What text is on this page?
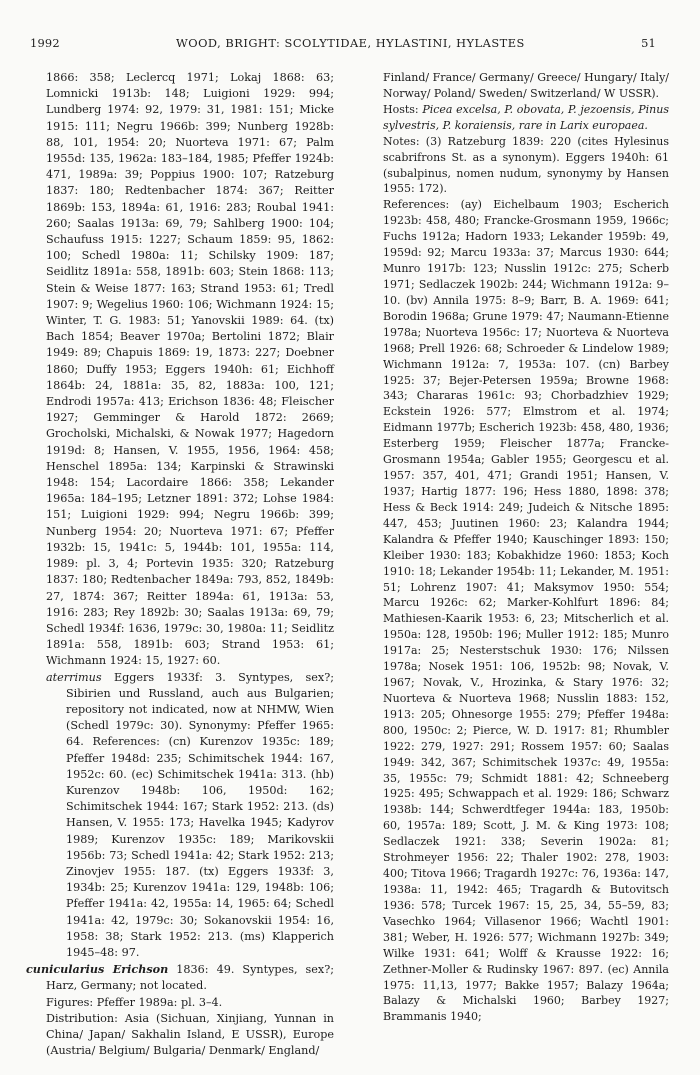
1992	WOOD, BRIGHT: SCOLYTIDAE, HYLASTINI, HYLASTES	51

1866: 358; Leclercq 1971; Lokaj 1868: 63; Lomnicki 1913b: 148; Luigioni 1929: 994; Lundberg 1974: 92, 1979: 31, 1981: 151; Micke 1915: 111; Negru 1966b: 399; Nunberg 1928b: 88, 101, 1954: 20; Nuorteva 1971: 67; Palm 1955d: 135, 1962a: 183–184, 1985; Pfeffer 1924b: 471, 1989a: 39; Poppius 1900: 107; Ratzeburg 1837: 180; Redtenbacher 1874: 367; Reitter 1869b: 153, 1894a: 61, 1916: 283; Roubal 1941: 260; Saalas 1913a: 69, 79; Sahlberg 1900: 104; Schaufuss 1915: 1227; Schaum 1859: 95, 1862: 100; Schedl 1980a: 11; Schilsky 1909: 187; Seidlitz 1891a: 558, 1891b: 603; Stein 1868: 113; Stein & Weise 1877: 163; Strand 1953: 61; Tredl 1907: 9; Wegelius 1960: 106; Wichmann 1924: 15; Winter, T. G. 1983: 51; Yanovskii 1989: 64. (tx) Bach 1854; Beaver 1970a; Bertolini 1872; Blair 1949: 89; Chapuis 1869: 19, 1873: 227; Doebner 1860; Duffy 1953; Eggers 1940h: 61; Eichhoff 1864b: 24, 1881a: 35, 82, 1883a: 100, 121; Endrodi 1957a: 413; Erichson 1836: 48; Fleischer 1927; Gemminger & Harold 1872: 2669; Grocholski, Michalski, & Nowak 1977; Hagedorn 1919d: 8; Hansen, V. 1955, 1956, 1964: 458; Henschel 1895a: 134; Karpinski & Strawinski 1948: 154; Lacordaire 1866: 358; Lekander 1965a: 184–195; Letzner 1891: 372; Lohse 1984: 151; Luigioni 1929: 994; Negru 1966b: 399; Nunberg 1954: 20; Nuorteva 1971: 67; Pfeffer 1932b: 15, 1941c: 5, 1944b: 101, 1955a: 114, 1989: pl. 3, 4; Portevin 1935: 320; Ratzeburg 1837: 180; Redtenbacher 1849a: 793, 852, 1849b: 27, 1874: 367; Reitter 1894a: 61, 1913a: 53, 1916: 283; Rey 1892b: 30; Saalas 1913a: 69, 79; Schedl 1934f: 1636, 1979c: 30, 1980a: 11; Seidlitz 1891a: 558, 1891b: 603; Strand 1953: 61; Wichmann 1924: 15, 1927: 60.

aterrimus Eggers 1933f: 3. Syntypes, sex?; Sibirien und Russland, auch aus Bulgarien; repository not indicated, now at NHMW, Wien (Schedl 1979c: 30). Synonymy: Pfeffer 1965: 64. References: (cn) Kurenzov 1935c: 189; Pfeffer 1948d: 235; Schimitschek 1944: 167, 1952c: 60. (ec) Schimitschek 1941a: 313. (hb) Kurenzov 1948b: 106, 1950d: 162; Schimitschek 1944: 167; Stark 1952: 213. (ds) Hansen, V. 1955: 173; Havelka 1945; Kadyrov 1989; Kurenzov 1935c: 189; Marikovskii 1956b: 73; Schedl 1941a: 42; Stark 1952: 213; Zinovjev 1955: 187. (tx) Eggers 1933f: 3, 1934b: 25; Kurenzov 1941a: 129, 1948b: 106; Pfeffer 1941a: 42, 1955a: 14, 1965: 64; Schedl 1941a: 42, 1979c: 30; Sokanovskii 1954: 16, 1958: 38; Stark 1952: 213. (ms) Klapperich 1945–48: 97.

cunicularius Erichson 1836: 49. Syntypes, sex?; Harz, Germany; not located.

Figures: Pfeffer 1989a: pl. 3–4.

Distribution: Asia (Sichuan, Xinjiang, Yunnan in China/ Japan/ Sakhalin Island, E USSR), Europe (Austria/ Belgium/ Bulgaria/ Denmark/ England/

Finland/ France/ Germany/ Greece/ Hungary/ Italy/ Norway/ Poland/ Sweden/ Switzerland/ W USSR).

Hosts: Picea excelsa, P. obovata, P. jezoensis, Pinus sylvestris, P. koraiensis, rare in Larix europaea.

Notes: (3) Ratzeburg 1839: 220 (cites Hylesinus scabrifrons St. as a synonym). Eggers 1940h: 61 (subalpinus, nomen nudum, synonymy by Hansen 1955: 172).

References: (ay) Eichelbaum 1903; Escherich 1923b: 458, 480; Francke-Grosmann 1959, 1966c; Fuchs 1912a; Hadorn 1933; Lekander 1959b: 49, 1959d: 92; Marcu 1933a: 37; Marcus 1930: 644; Munro 1917b: 123; Nusslin 1912c: 275; Scherb 1971; Sedlaczek 1902b: 244; Wichmann 1912a: 9–10. (bv) Annila 1975: 8–9; Barr, B. A. 1969: 641; Borodin 1968a; Grune 1979: 47; Naumann-Etienne 1978a; Nuorteva 1956c: 17; Nuorteva & Nuorteva 1968; Prell 1926: 68; Schroeder & Lindelow 1989; Wichmann 1912a: 7, 1953a: 107. (cn) Barbey 1925: 37; Bejer-Petersen 1959a; Browne 1968: 343; Chararas 1961c: 93; Chorbadzhiev 1929; Eckstein 1926: 577; Elmstrom et al. 1974; Eidmann 1977b; Escherich 1923b: 458, 480, 1936; Esterberg 1959; Fleischer 1877a; Francke-Grosmann 1954a; Gabler 1955; Georgescu et al. 1957: 357, 401, 471; Grandi 1951; Hansen, V. 1937; Hartig 1877: 196; Hess 1880, 1898: 378; Hess & Beck 1914: 249; Judeich & Nitsche 1895: 447, 453; Juutinen 1960: 23; Kalandra 1944; Kalandra & Pfeffer 1940; Kauschinger 1893: 150; Kleiber 1930: 183; Kobakhidze 1960: 1853; Koch 1910: 18; Lekander 1954b: 11; Lekander, M. 1951: 51; Lohrenz 1907: 41; Maksymov 1950: 554; Marcu 1926c: 62; Marker-Kohlfurt 1896: 84; Mathiesen-Kaarik 1953: 6, 23; Mitscherlich et al. 1950a: 128, 1950b: 196; Muller 1912: 185; Munro 1917a: 25; Nesterstschuk 1930: 176; Nilssen 1978a; Nosek 1951: 106, 1952b: 98; Novak, V. 1967; Novak, V., Hrozinka, & Stary 1976: 32; Nuorteva & Nuorteva 1968; Nusslin 1883: 152, 1913: 205; Ohnesorge 1955: 279; Pfeffer 1948a: 800, 1950c: 2; Pierce, W. D. 1917: 81; Rhumbler 1922: 279, 1927: 291; Rossem 1957: 60; Saalas 1949: 342, 367; Schimitschek 1937c: 49, 1955a: 35, 1955c: 79; Schmidt 1881: 42; Schneeberg 1925: 495; Schwappach et al. 1929: 186; Schwarz 1938b: 144; Schwerdtfeger 1944a: 183, 1950b: 60, 1957a: 189; Scott, J. M. & King 1973: 108; Sedlaczek 1921: 338; Severin 1902a: 81; Strohmeyer 1956: 22; Thaler 1902: 278, 1903: 400; Titova 1966; Tragardh 1927c: 76, 1936a: 147, 1938a: 11, 1942: 465; Tragardh & Butovitsch 1936: 578; Turcek 1967: 15, 25, 34, 55–59, 83; Vasechko 1964; Villasenor 1966; Wachtl 1901: 381; Weber, H. 1926: 577; Wichmann 1927b: 349; Wilke 1931: 641; Wolff & Krausse 1922: 16; Zethner-Moller & Rudinsky 1967: 897. (ec) Annila 1975: 11,13, 1977; Bakke 1957; Balazy 1964a; Balazy & Michalski 1960; Barbey 1927; Brammanis 1940;
